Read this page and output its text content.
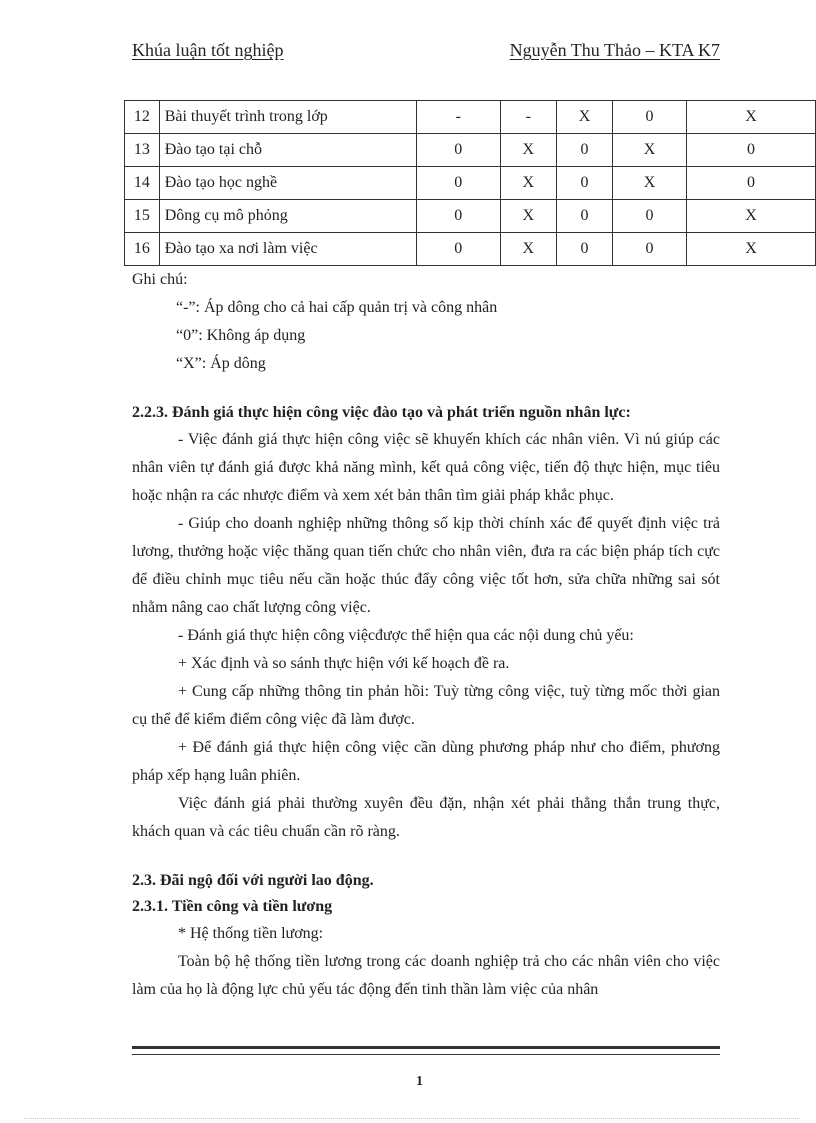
Khúa luận tốt nghiệp	Nguyễn Thu Thảo – KTA K7
12	Bài thuyết trình trong lớp	-	-	X	0	X
13	Đào tạo tại chỗ	0	X	0	X	0
14	Đào tạo học nghề	0	X	0	X	0
15	Dông cụ mô phỏng	0	X	0	0	X
16	Đào tạo xa nơi làm việc	0	X	0	0	X
Ghi chú:
“-”: Áp dông cho cả hai cấp quản trị và công nhân
“0”: Không áp dụng
“X”: Áp dông
2.2.3. Đánh giá thực hiện công việc đào tạo và phát triển nguồn nhân lực:

- Việc đánh giá thực hiện công việc sẽ khuyến khích các nhân viên. Vì nú giúp các nhân viên tự đánh giá được khả năng mình, kết quả công việc, tiến độ thực hiện, mục tiêu hoặc nhận ra các nhược điểm và xem xét bản thân tìm giải pháp khắc phục.

- Giúp cho doanh nghiệp những thông số kịp thời chính xác để quyết định việc trả lương, thưởng hoặc việc thăng quan tiến chức cho nhân viên, đưa ra các biện pháp tích cực để điều chỉnh mục tiêu nếu cần hoặc thúc đẩy công việc tốt hơn, sửa chữa những sai sót nhằm nâng cao chất lượng công việc.

- Đánh giá thực hiện công việcđược thể hiện qua các nội dung chủ yếu:

+ Xác định và so sánh thực hiện với kế hoạch đề ra.

+ Cung cấp những thông tin phản hồi: Tuỳ từng công việc, tuỳ từng mốc thời gian cụ thể để kiểm điểm công việc đã làm được.

+ Để đánh giá thực hiện công việc cần dùng phương pháp như cho điểm, phương pháp xếp hạng luân phiên.

Việc đánh giá phải thường xuyên đều đặn, nhận xét phải thẳng thắn trung thực, khách quan và các tiêu chuẩn cần rõ ràng.

2.3. Đãi ngộ đối với người lao động.
2.3.1. Tiền công và tiền lương

* Hệ thống tiền lương:

Toàn bộ hệ thống tiền lương trong các doanh nghiệp trả cho các nhân viên cho việc làm của họ là động lực chủ yếu tác động đến tinh thần làm việc của nhân

1
